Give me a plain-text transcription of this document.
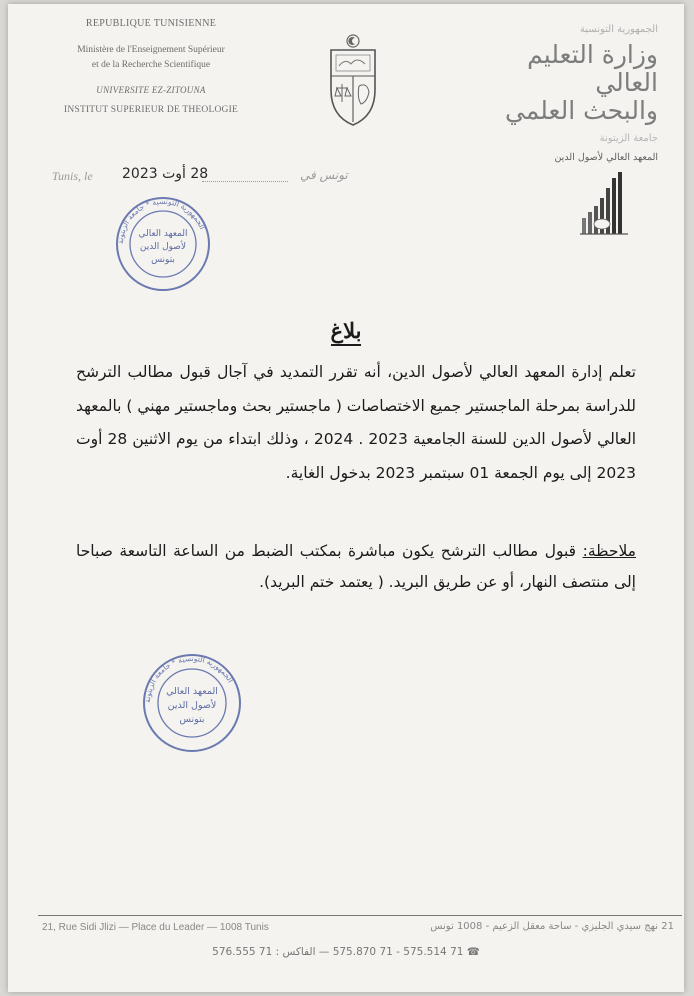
REPUBLIQUE TUNISIENNE
Ministère de l'Enseignement Supérieur
et de la Recherche Scientifique
UNIVERSITE EZ-ZITOUNA
INSTITUT SUPERIEUR DE THEOLOGIE
الجمهورية التونسية
وزارة التعليم العالي
والبحث العلمي
جامعة الزيتونة
المعهد العالي لأصول الدين
Tunis, le 28 أوت 2023	تونس في
الجمهورية التونسية * جامعة الزيتونة
المعهد العالي
لأصول الدين
بتونس
بلاغ
تعلم إدارة المعهد العالي لأصول الدين، أنه تقرر التمديد في آجال قبول مطالب الترشح للدراسة بمرحلة الماجستير جميع الاختصاصات ( ماجستير بحث وماجستير مهني ) بالمعهد العالي لأصول الدين للسنة الجامعية 2023 . 2024 ، وذلك ابتداء من يوم الاثنين 28 أوت 2023 إلى يوم الجمعة 01 سبتمبر 2023 بدخول الغاية.
ملاحظة: قبول مطالب الترشح يكون مباشرة بمكتب الضبط من الساعة التاسعة صباحا إلى منتصف النهار، أو عن طريق البريد. ( يعتمد ختم البريد).
الجمهورية التونسية * جامعة الزيتونة
المعهد العالي
لأصول الدين
بتونس
21, Rue Sidi Jlizi — Place du Leader — 1008 Tunis	21 نهج سيدي الجليزي - ساحة معقل الزعيم - 1008 تونس
☎ 71 575.514 - 71 575.870 — الفاكس : 71 576.555
